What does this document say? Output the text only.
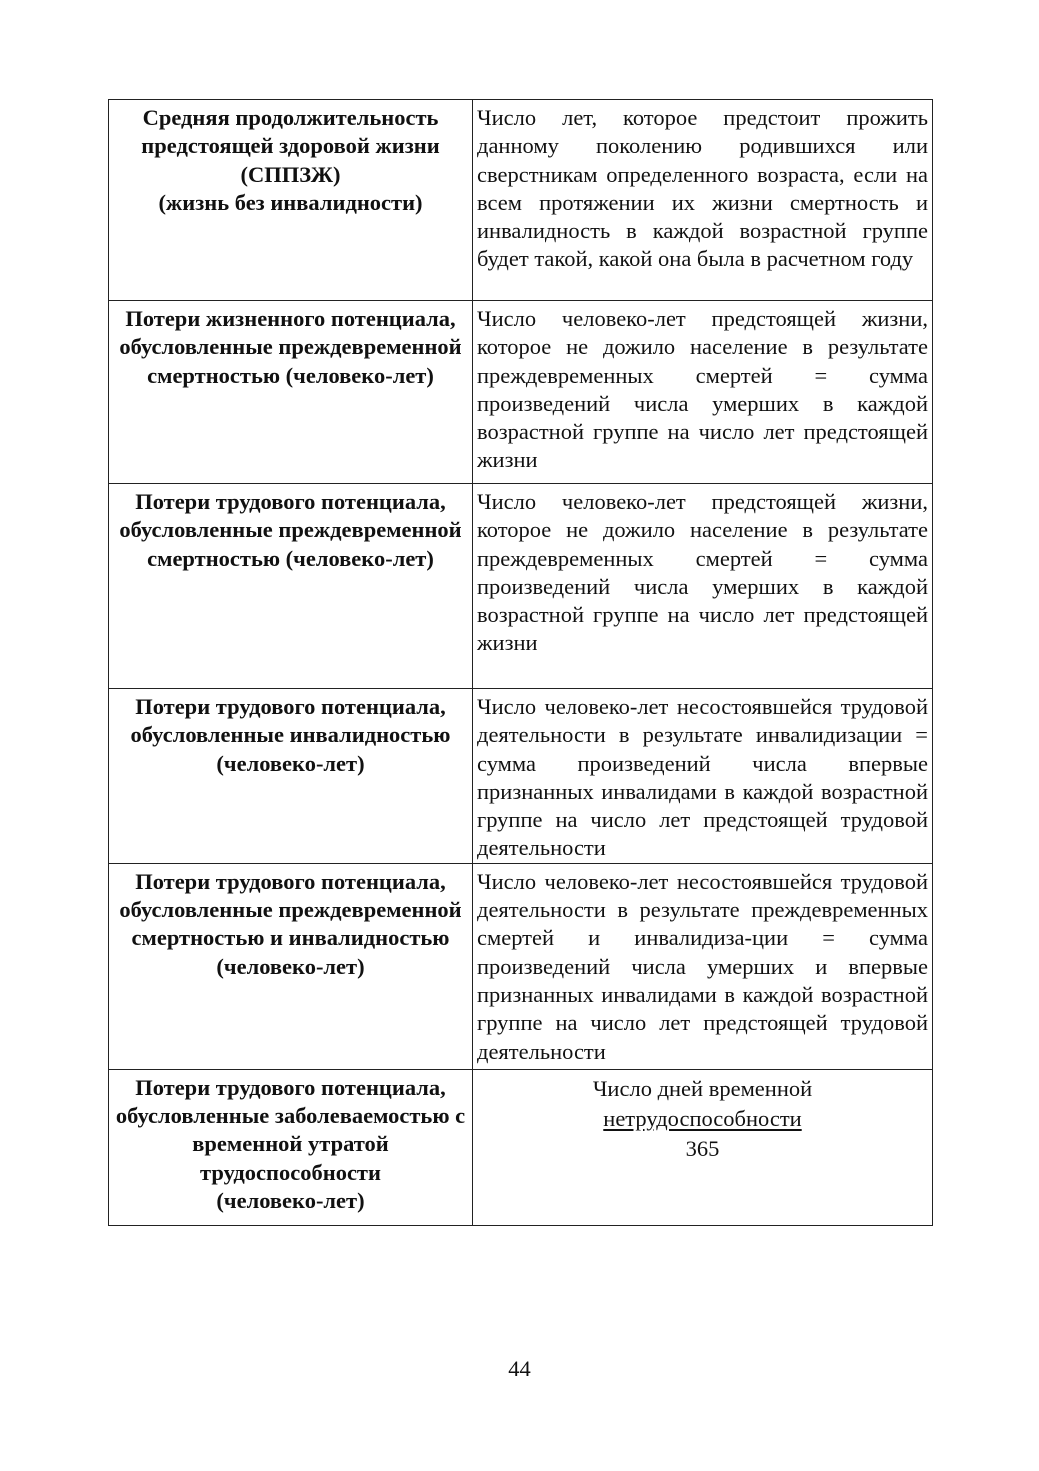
Средняя продолжительность предстоящей здоровой жизни (СППЗЖ)
(жизнь без инвалидности)	Число лет, которое предстоит прожить данному поколению родившихся или сверстникам определенного возраста, если на всем протяжении их жизни смертность и инвалидность в каждой возрастной группе будет такой, какой она была в расчетном году
Потери жизненного потенциала, обусловленные преждевременной смертностью (человеко-лет)	Число человеко-лет предстоящей жизни, которое не дожило население в результате преждевременных смертей = сумма произведений числа умерших в каждой возрастной группе на число лет предстоящей жизни
Потери трудового потенциала, обусловленные преждевременной смертностью (человеко-лет)	Число человеко-лет предстоящей жизни, которое не дожило население в результате преждевременных смертей = сумма произведений числа умерших в каждой возрастной группе на число лет предстоящей жизни
Потери трудового потенциала, обусловленные инвалидностью (человеко-лет)	Число человеко-лет несостоявшейся трудовой деятельности в результате инвалидизации = сумма произведений числа впервые признанных инвалидами в каждой возрастной группе на число лет предстоящей трудовой деятельности
Потери трудового потенциала, обусловленные преждевременной смертностью и инвалидностью (человеко-лет)	Число человеко-лет несостоявшейся трудовой деятельности в результате преждевременных смертей и инвалидиза-ции = сумма произведений числа умерших и впервые признанных инвалидами в каждой возрастной группе на число лет предстоящей трудовой деятельности
Потери трудового потенциала, обусловленные заболеваемостью с временной утратой трудоспособности
(человеко-лет)	Число дней временной
нетрудоспособности
365
44
